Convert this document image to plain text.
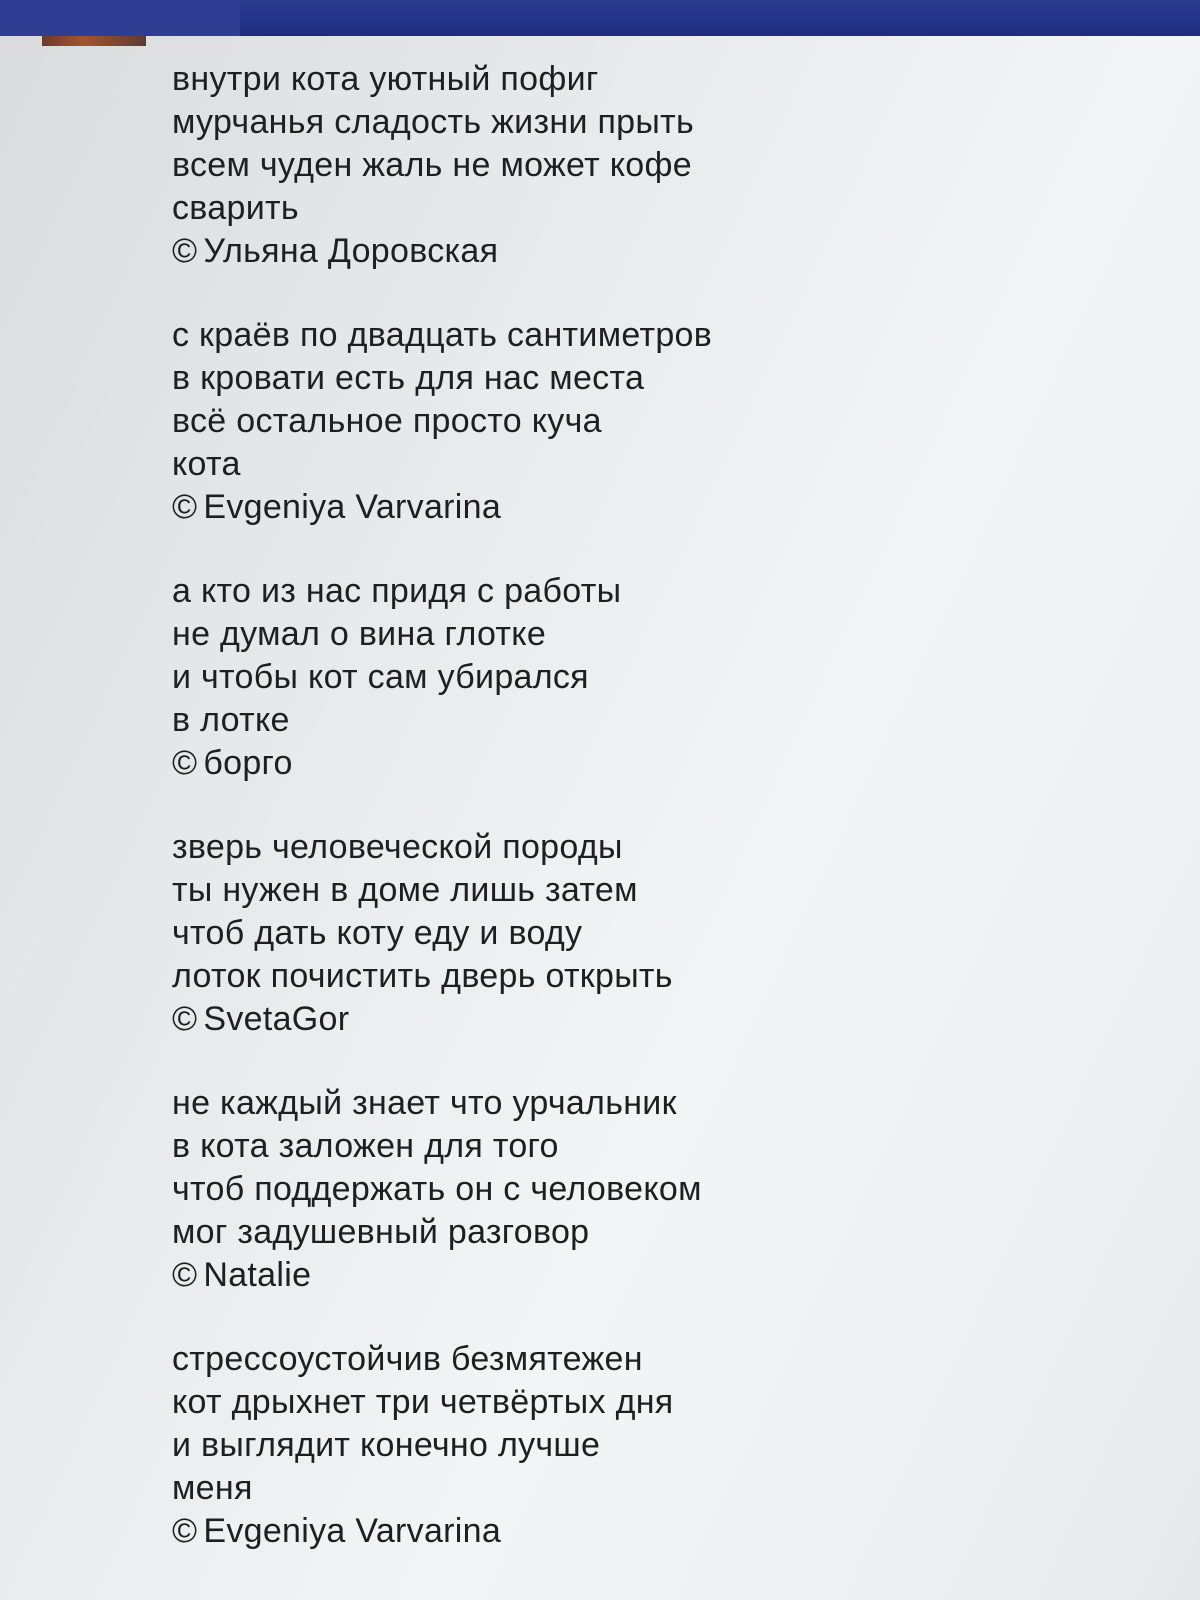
внутри кота уютный пофиг
мурчанья сладость жизни прыть
всем чуден жаль не может кофе
сварить
© Ульяна Доровская
с краёв по двадцать сантиметров
в кровати есть для нас места
всё остальное просто куча
кота
© Evgeniya Varvarina
а кто из нас придя с работы
не думал о вина глотке
и чтобы кот сам убирался
в лотке
© борго
зверь человеческой породы
ты нужен в доме лишь затем
чтоб дать коту еду и воду
лоток почистить дверь открыть
© SvetaGor
не каждый знает что урчальник
в кота заложен для того
чтоб поддержать он с человеком
мог задушевный разговор
© Natalie
стрессоустойчив безмятежен
кот дрыхнет три четвёртых дня
и выглядит конечно лучше
меня
© Evgeniya Varvarina
